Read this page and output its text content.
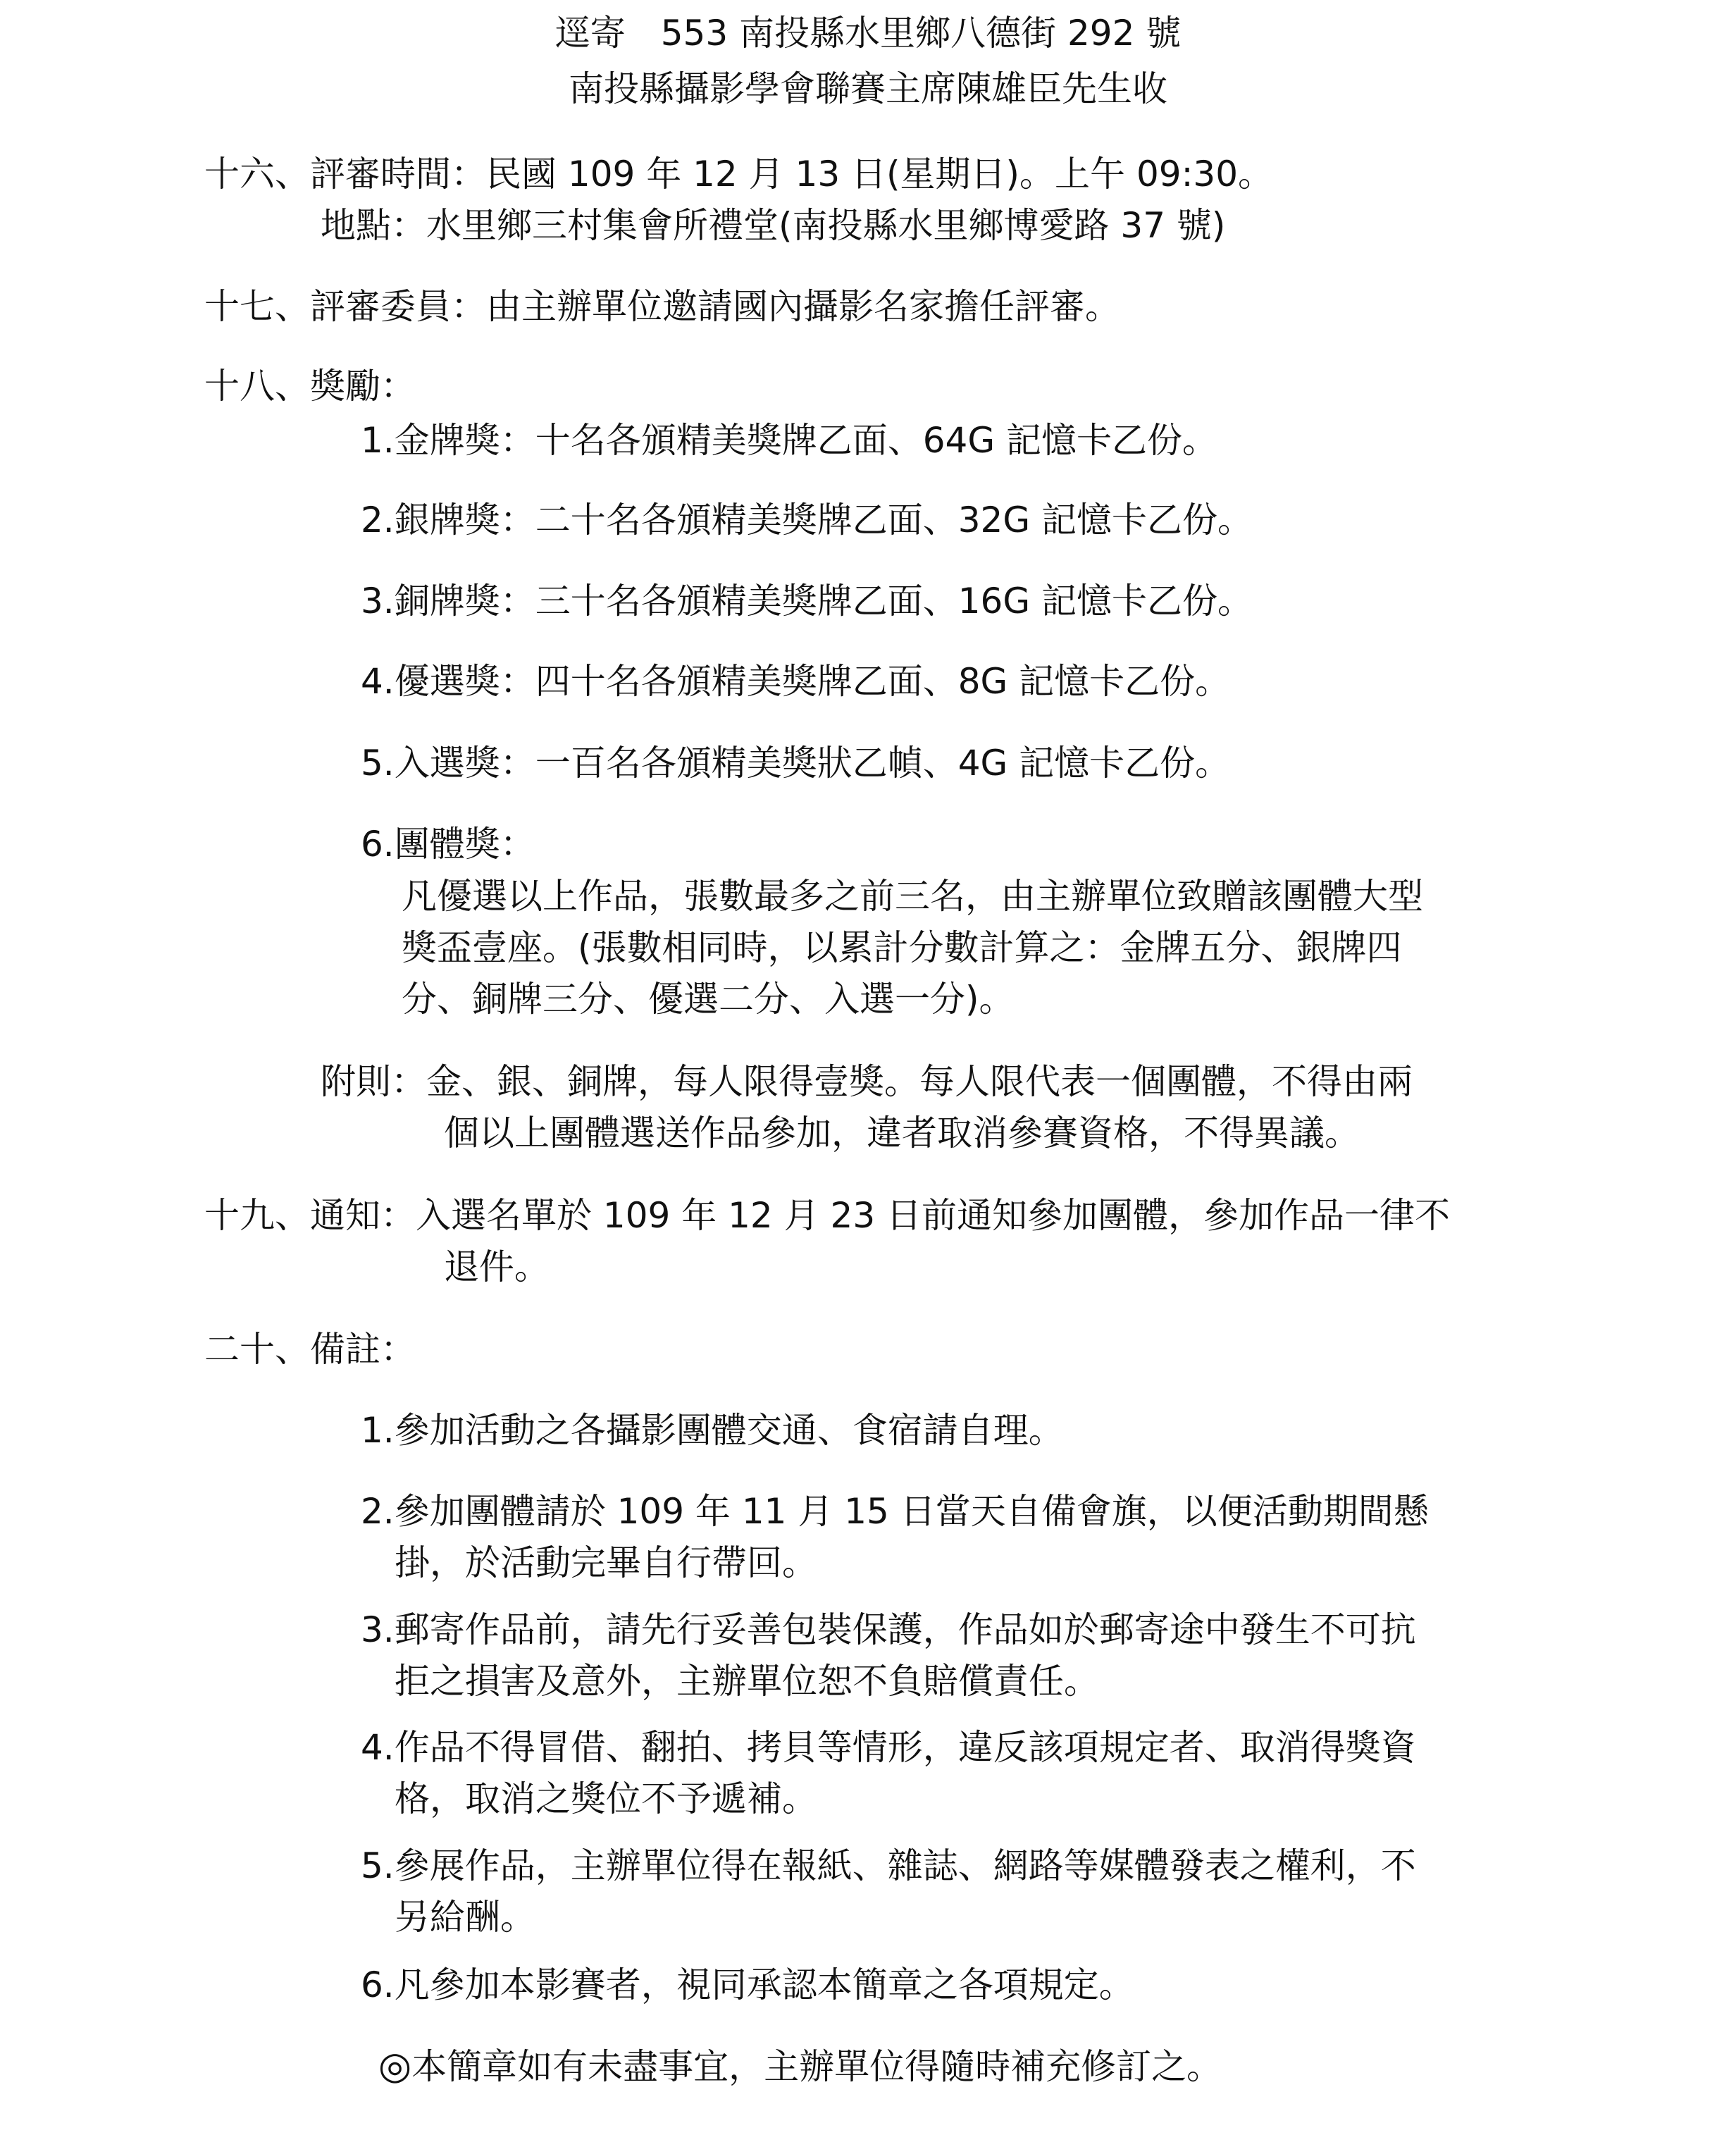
逕寄　553 南投縣水里鄉八德街 292 號
南投縣攝影學會聯賽主席陳雄臣先生收
十六、評審時間：民國 109 年 12 月 13 日(星期日)。上午 09:30。
地點：水里鄉三村集會所禮堂(南投縣水里鄉博愛路 37 號)
十七、評審委員：由主辦單位邀請國內攝影名家擔任評審。
十八、獎勵：
1.金牌獎：十名各頒精美獎牌乙面、64G 記憶卡乙份。
2.銀牌獎：二十名各頒精美獎牌乙面、32G 記憶卡乙份。
3.銅牌獎：三十名各頒精美獎牌乙面、16G 記憶卡乙份。
4.優選獎：四十名各頒精美獎牌乙面、8G 記憶卡乙份。
5.入選獎：一百名各頒精美獎狀乙幀、4G 記憶卡乙份。
6.團體獎：
凡優選以上作品，張數最多之前三名，由主辦單位致贈該團體大型
獎盃壹座。(張數相同時，以累計分數計算之：金牌五分、銀牌四
分、銅牌三分、優選二分、入選一分)。
附則：金、銀、銅牌，每人限得壹獎。每人限代表一個團體，不得由兩
個以上團體選送作品參加，違者取消參賽資格，不得異議。
十九、通知：入選名單於 109 年 12 月 23 日前通知參加團體，參加作品一律不
退件。
二十、備註：
1.參加活動之各攝影團體交通、食宿請自理。
2.參加團體請於 109 年 11 月 15 日當天自備會旗，以便活動期間懸
掛，於活動完畢自行帶回。
3.郵寄作品前，請先行妥善包裝保護，作品如於郵寄途中發生不可抗
拒之損害及意外，主辦單位恕不負賠償責任。
4.作品不得冒借、翻拍、拷貝等情形，違反該項規定者、取消得獎資
格，取消之獎位不予遞補。
5.參展作品，主辦單位得在報紙、雜誌、網路等媒體發表之權利，不
另給酬。
6.凡參加本影賽者，視同承認本簡章之各項規定。
◎本簡章如有未盡事宜，主辦單位得隨時補充修訂之。
